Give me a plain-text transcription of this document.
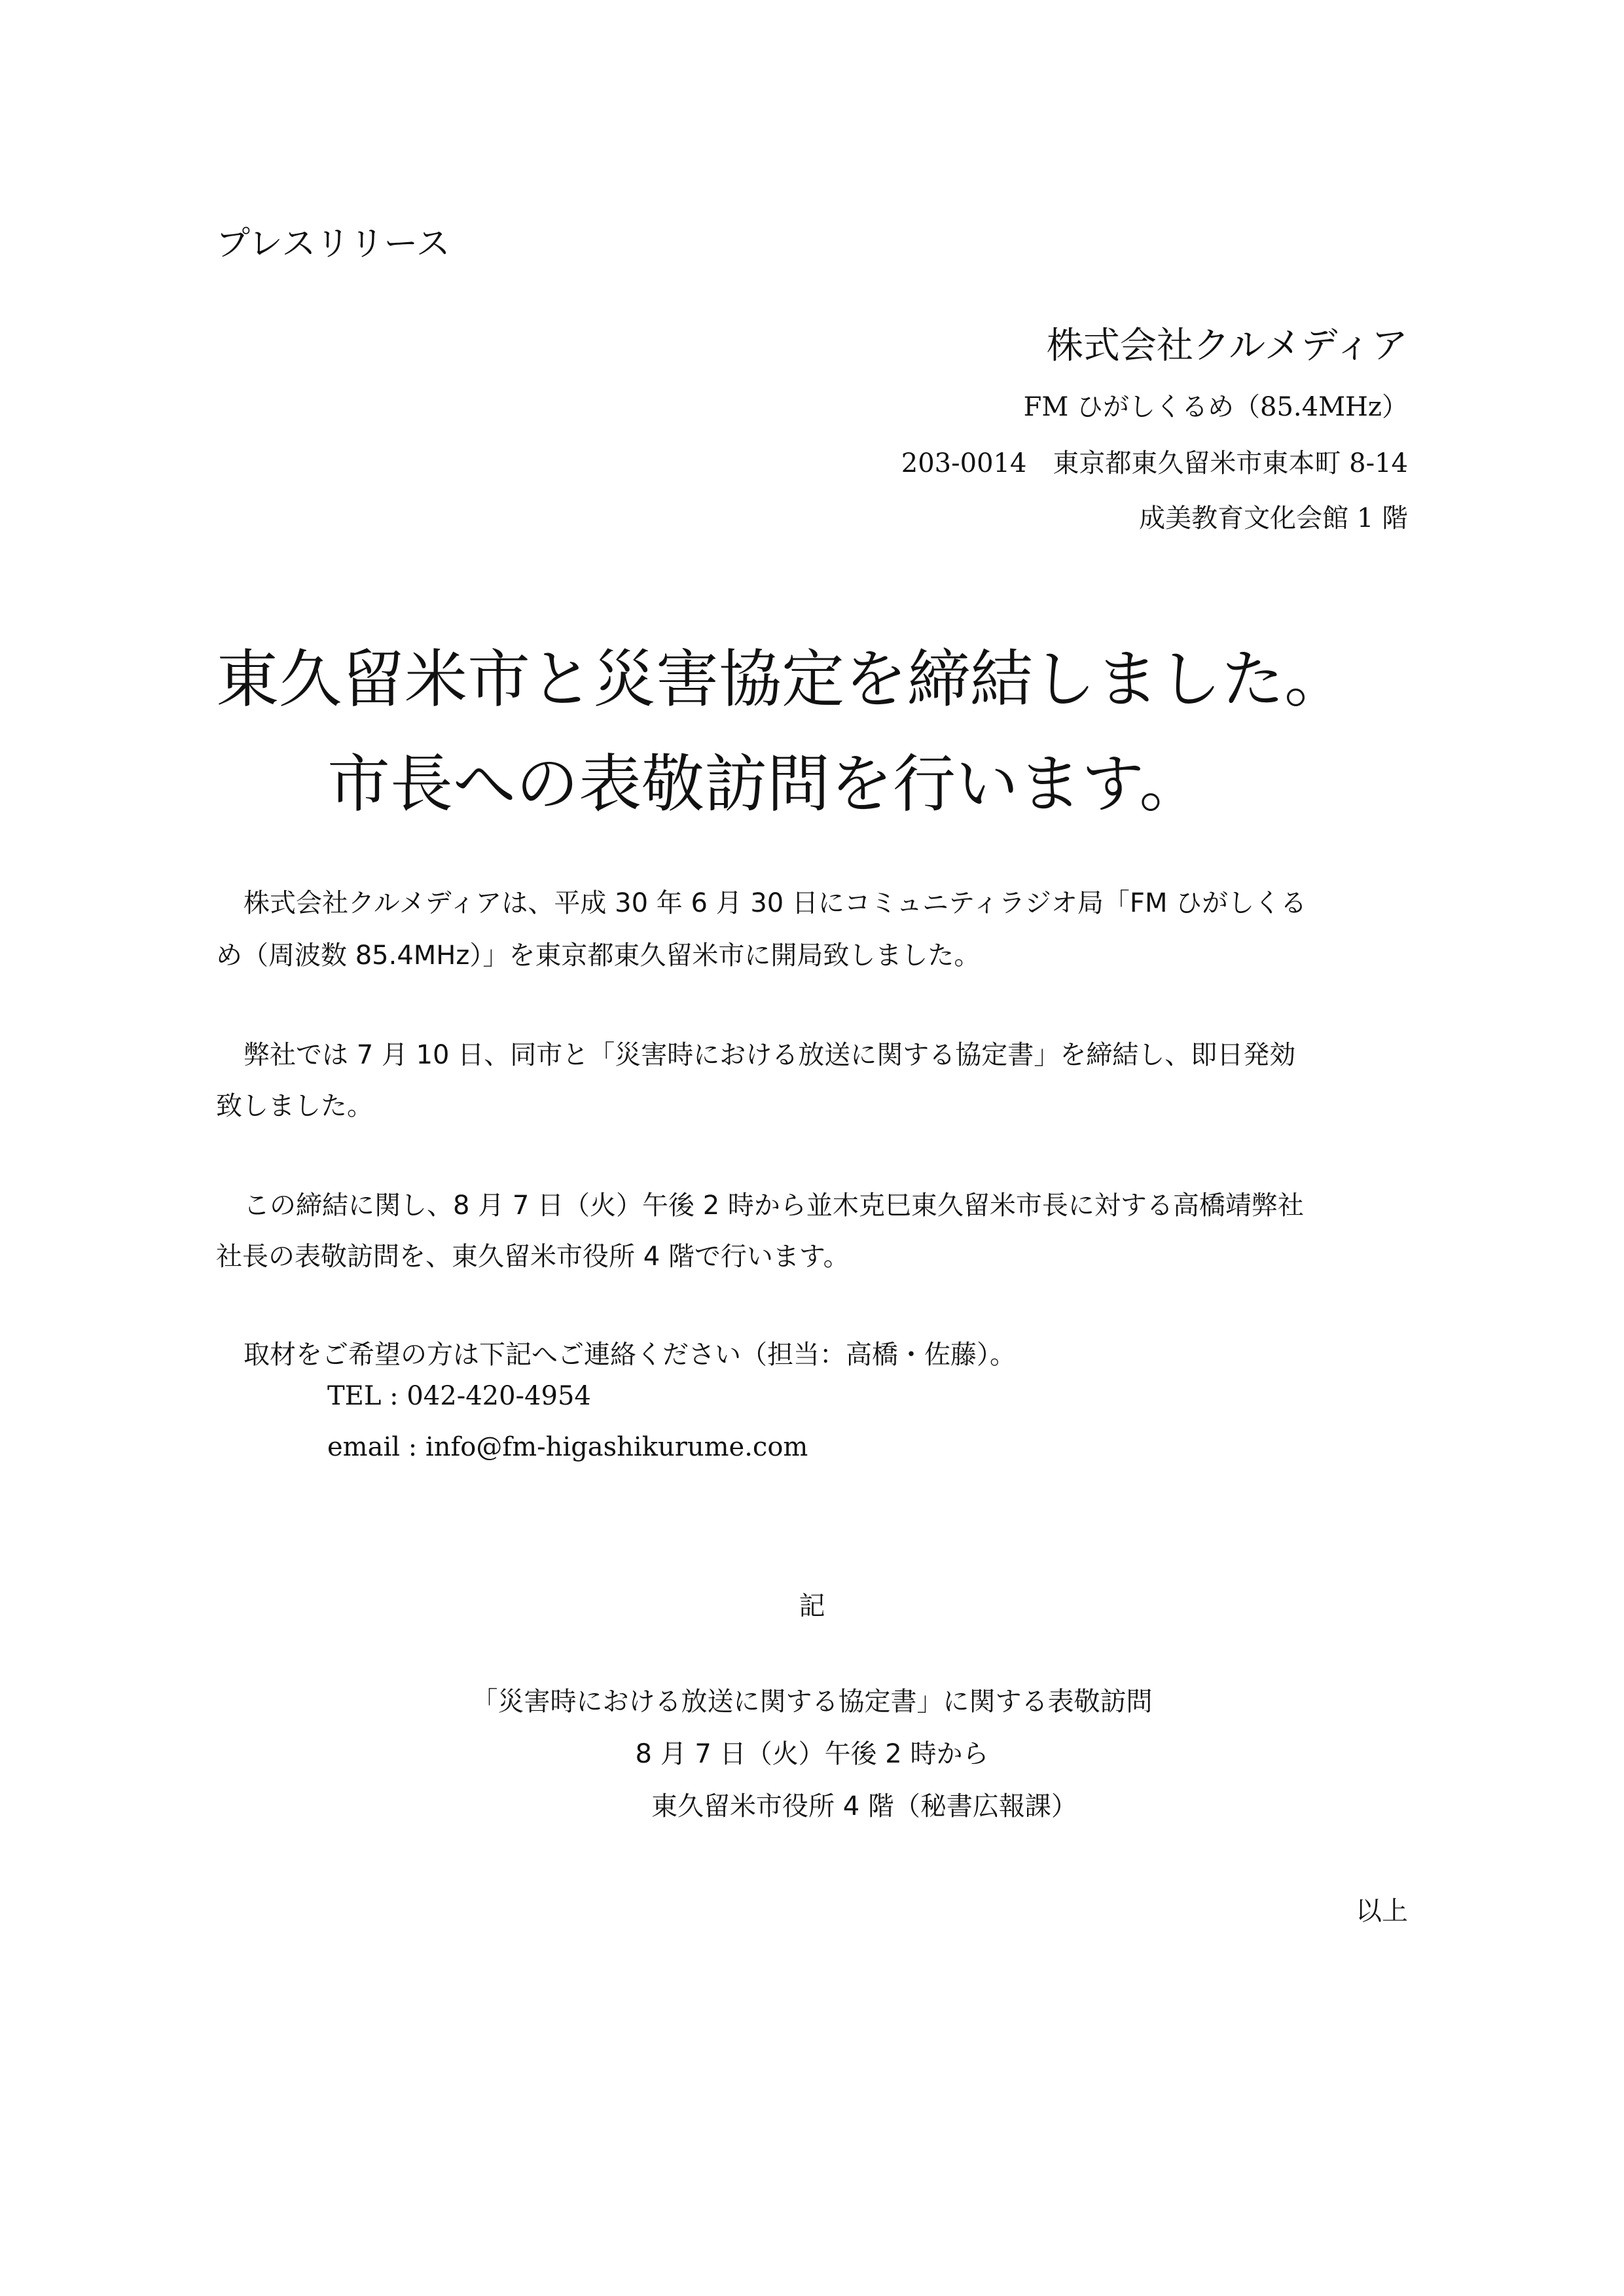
プレスリリース
株式会社クルメディア
FM ひがしくるめ（85.4MHz）
203-0014　東京都東久留米市東本町 8-14
成美教育文化会館 1 階
東久留米市と災害協定を締結しました。
市長への表敬訪問を行います。
株式会社クルメディアは、平成 30 年 6 月 30 日にコミュニティラジオ局「FM ひがしくる
め（周波数 85.4MHz）」を東京都東久留米市に開局致しました。
弊社では 7 月 10 日、同市と「災害時における放送に関する協定書」を締結し、即日発効
致しました。
この締結に関し、8 月 7 日（火）午後 2 時から並木克巳東久留米市長に対する高橋靖弊社
社長の表敬訪問を、東久留米市役所 4 階で行います。
取材をご希望の方は下記へご連絡ください（担当：高橋・佐藤）。
TEL : 042-420-4954
email : info@fm-higashikurume.com
記
「災害時における放送に関する協定書」に関する表敬訪問
8 月 7 日（火）午後 2 時から
東久留米市役所 4 階（秘書広報課）
以上
